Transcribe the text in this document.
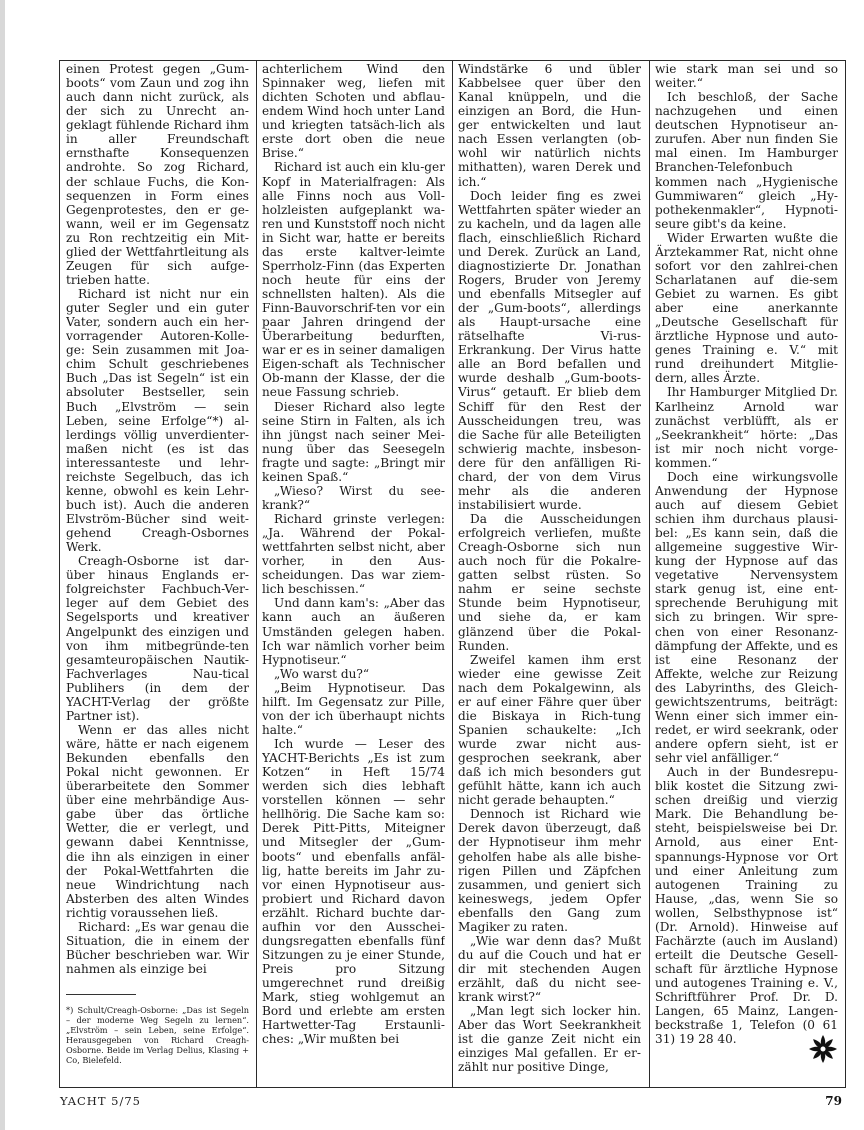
einen Protest gegen „Gum-boots“ vom Zaun und zog ihn auch dann nicht zurück, als der sich zu Unrecht an-geklagt fühlende Richard ihm in aller Freundschaft ernsthafte Konsequenzen androhte. So zog Richard, der schlaue Fuchs, die Kon-sequenzen in Form eines Gegenprotestes, den er ge-wann, weil er im Gegensatz zu Ron rechtzeitig ein Mit-glied der Wettfahrtleitung als Zeugen für sich aufge-trieben hatte.

Richard ist nicht nur ein guter Segler und ein guter Vater, sondern auch ein her-vorragender Autoren-Kolle-ge: Sein zusammen mit Joa-chim Schult geschriebenes Buch „Das ist Segeln“ ist ein absoluter Bestseller, sein Buch „Elvström — sein Leben, seine Erfolge“*) al-lerdings völlig unverdienter-maßen nicht (es ist das interessanteste und lehr-reichste Segelbuch, das ich kenne, obwohl es kein Lehr-buch ist). Auch die anderen Elvström-Bücher sind weit-gehend Creagh-Osbornes Werk.

Creagh-Osborne ist dar-über hinaus Englands er-folgreichster Fachbuch-Ver-leger auf dem Gebiet des Segelsports und kreativer Angelpunkt des einzigen und von ihm mitbegründe-ten gesamteuropäischen Nautik-Fachverlages Nau-tical Publihers (in dem der YACHT-Verlag der größte Partner ist).

Wenn er das alles nicht wäre, hätte er nach eigenem Bekunden ebenfalls den Pokal nicht gewonnen. Er überarbeitete den Sommer über eine mehrbändige Aus-gabe über das örtliche Wetter, die er verlegt, und gewann dabei Kenntnisse, die ihn als einzigen in einer der Pokal-Wettfahrten die neue Windrichtung nach Absterben des alten Windes richtig voraussehen ließ.

Richard: „Es war genau die Situation, die in einem der Bücher beschrieben war. Wir nahmen als einzige bei

*) Schult/Creagh-Osborne: „Das ist Segeln – der moderne Weg Segeln zu lernen“. „Elvström – sein Leben, seine Erfolge“. Herausgegeben von Richard Creagh-Osborne. Beide im Verlag Delius, Klasing + Co, Bielefeld.

achterlichem Wind den Spinnaker weg, liefen mit dichten Schoten und abflau-endem Wind hoch unter Land und kriegten tatsäch-lich als erste dort oben die neue Brise.“

Richard ist auch ein klu-ger Kopf in Materialfragen: Als alle Finns noch aus Voll-holzleisten aufgeplankt wa-ren und Kunststoff noch nicht in Sicht war, hatte er bereits das erste kaltver-leimte Sperrholz-Finn (das Experten noch heute für eins der schnellsten halten). Als die Finn-Bauvorschrif-ten vor ein paar Jahren dringend der Überarbeitung bedurften, war er es in seiner damaligen Eigen-schaft als Technischer Ob-mann der Klasse, der die neue Fassung schrieb.

Dieser Richard also legte seine Stirn in Falten, als ich ihn jüngst nach seiner Mei-nung über das Seesegeln fragte und sagte: „Bringt mir keinen Spaß.“

„Wieso? Wirst du see-krank?“

Richard grinste verlegen: „Ja. Während der Pokal-wettfahrten selbst nicht, aber vorher, in den Aus-scheidungen. Das war ziem-lich beschissen.“

Und dann kam's: „Aber das kann auch an äußeren Umständen gelegen haben. Ich war nämlich vorher beim Hypnotiseur.“

„Wo warst du?“

„Beim Hypnotiseur. Das hilft. Im Gegensatz zur Pille, von der ich überhaupt nichts halte.“

Ich wurde — Leser des YACHT-Berichts „Es ist zum Kotzen“ in Heft 15/74 werden sich dies lebhaft vorstellen können — sehr hellhörig. Die Sache kam so: Derek Pitt-Pitts, Miteigner und Mitsegler der „Gum-boots“ und ebenfalls anfäl-lig, hatte bereits im Jahr zu-vor einen Hypnotiseur aus-probiert und Richard davon erzählt. Richard buchte dar-aufhin vor den Ausschei-dungsregatten ebenfalls fünf Sitzungen zu je einer Stunde, Preis pro Sitzung umgerechnet rund dreißig Mark, stieg wohlgemut an Bord und erlebte am ersten Hartwetter-Tag Erstaunli-ches: „Wir mußten bei

Windstärke 6 und übler Kabbelsee quer über den Kanal knüppeln, und die einzigen an Bord, die Hun-ger entwickelten und laut nach Essen verlangten (ob-wohl wir natürlich nichts mithatten), waren Derek und ich.“

Doch leider fing es zwei Wettfahrten später wieder an zu kacheln, und da lagen alle flach, einschließlich Richard und Derek. Zurück an Land, diagnostizierte Dr. Jonathan Rogers, Bruder von Jeremy und ebenfalls Mitsegler auf der „Gum-boots“, allerdings als Haupt-ursache eine rätselhafte Vi-rus-Erkrankung. Der Virus hatte alle an Bord befallen und wurde deshalb „Gum-boots-Virus“ getauft. Er blieb dem Schiff für den Rest der Ausscheidungen treu, was die Sache für alle Beteiligten schwierig machte, insbeson-dere für den anfälligen Ri-chard, der von dem Virus mehr als die anderen instabilisiert wurde.

Da die Ausscheidungen erfolgreich verliefen, mußte Creagh-Osborne sich nun auch noch für die Pokalre-gatten selbst rüsten. So nahm er seine sechste Stunde beim Hypnotiseur, und siehe da, er kam glänzend über die Pokal-Runden.

Zweifel kamen ihm erst wieder eine gewisse Zeit nach dem Pokalgewinn, als er auf einer Fähre quer über die Biskaya in Rich-tung Spanien schaukelte: „Ich wurde zwar nicht aus-gesprochen seekrank, aber daß ich mich besonders gut gefühlt hätte, kann ich auch nicht gerade behaupten.“

Dennoch ist Richard wie Derek davon überzeugt, daß der Hypnotiseur ihm mehr geholfen habe als alle bishe-rigen Pillen und Zäpfchen zusammen, und geniert sich keineswegs, jedem Opfer ebenfalls den Gang zum Magiker zu raten.

„Wie war denn das? Mußt du auf die Couch und hat er dir mit stechenden Augen erzählt, daß du nicht see-krank wirst?“

„Man legt sich locker hin. Aber das Wort Seekrankheit ist die ganze Zeit nicht ein einziges Mal gefallen. Er er-zählt nur positive Dinge,

wie stark man sei und so weiter.“

Ich beschloß, der Sache nachzugehen und einen deutschen Hypnotiseur an-zurufen. Aber nun finden Sie mal einen. Im Hamburger Branchen-Telefonbuch kommen nach „Hygienische Gummiwaren“ gleich „Hy-pothekenmakler“, Hypnoti-seure gibt's da keine.

Wider Erwarten wußte die Ärztekammer Rat, nicht ohne sofort vor den zahlrei-chen Scharlatanen auf die-sem Gebiet zu warnen. Es gibt aber eine anerkannte „Deutsche Gesellschaft für ärztliche Hypnose und auto-genes Training e. V.“ mit rund dreihundert Mitglie-dern, alles Ärzte.

Ihr Hamburger Mitglied Dr. Karlheinz Arnold war zunächst verblüfft, als er „Seekrankheit“ hörte: „Das ist mir noch nicht vorge-kommen.“

Doch eine wirkungsvolle Anwendung der Hypnose auch auf diesem Gebiet schien ihm durchaus plausi-bel: „Es kann sein, daß die allgemeine suggestive Wir-kung der Hypnose auf das vegetative Nervensystem stark genug ist, eine ent-sprechende Beruhigung mit sich zu bringen. Wir spre-chen von einer Resonanz-dämpfung der Affekte, und es ist eine Resonanz der Affekte, welche zur Reizung des Labyrinths, des Gleich-gewichtszentrums, beiträgt: Wenn einer sich immer ein-redet, er wird seekrank, oder andere opfern sieht, ist er sehr viel anfälliger.“

Auch in der Bundesrepu-blik kostet die Sitzung zwi-schen dreißig und vierzig Mark. Die Behandlung be-steht, beispielsweise bei Dr. Arnold, aus einer Ent-spannungs-Hypnose vor Ort und einer Anleitung zum autogenen Training zu Hause, „das, wenn Sie so wollen, Selbsthypnose ist“ (Dr. Arnold). Hinweise auf Fachärzte (auch im Ausland) erteilt die Deutsche Gesell-schaft für ärztliche Hypnose und autogenes Training e. V., Schriftführer Prof. Dr. D. Langen, 65 Mainz, Langen-beckstraße 1, Telefon (0 61 31) 19 28 40.

YACHT 5/75	79
